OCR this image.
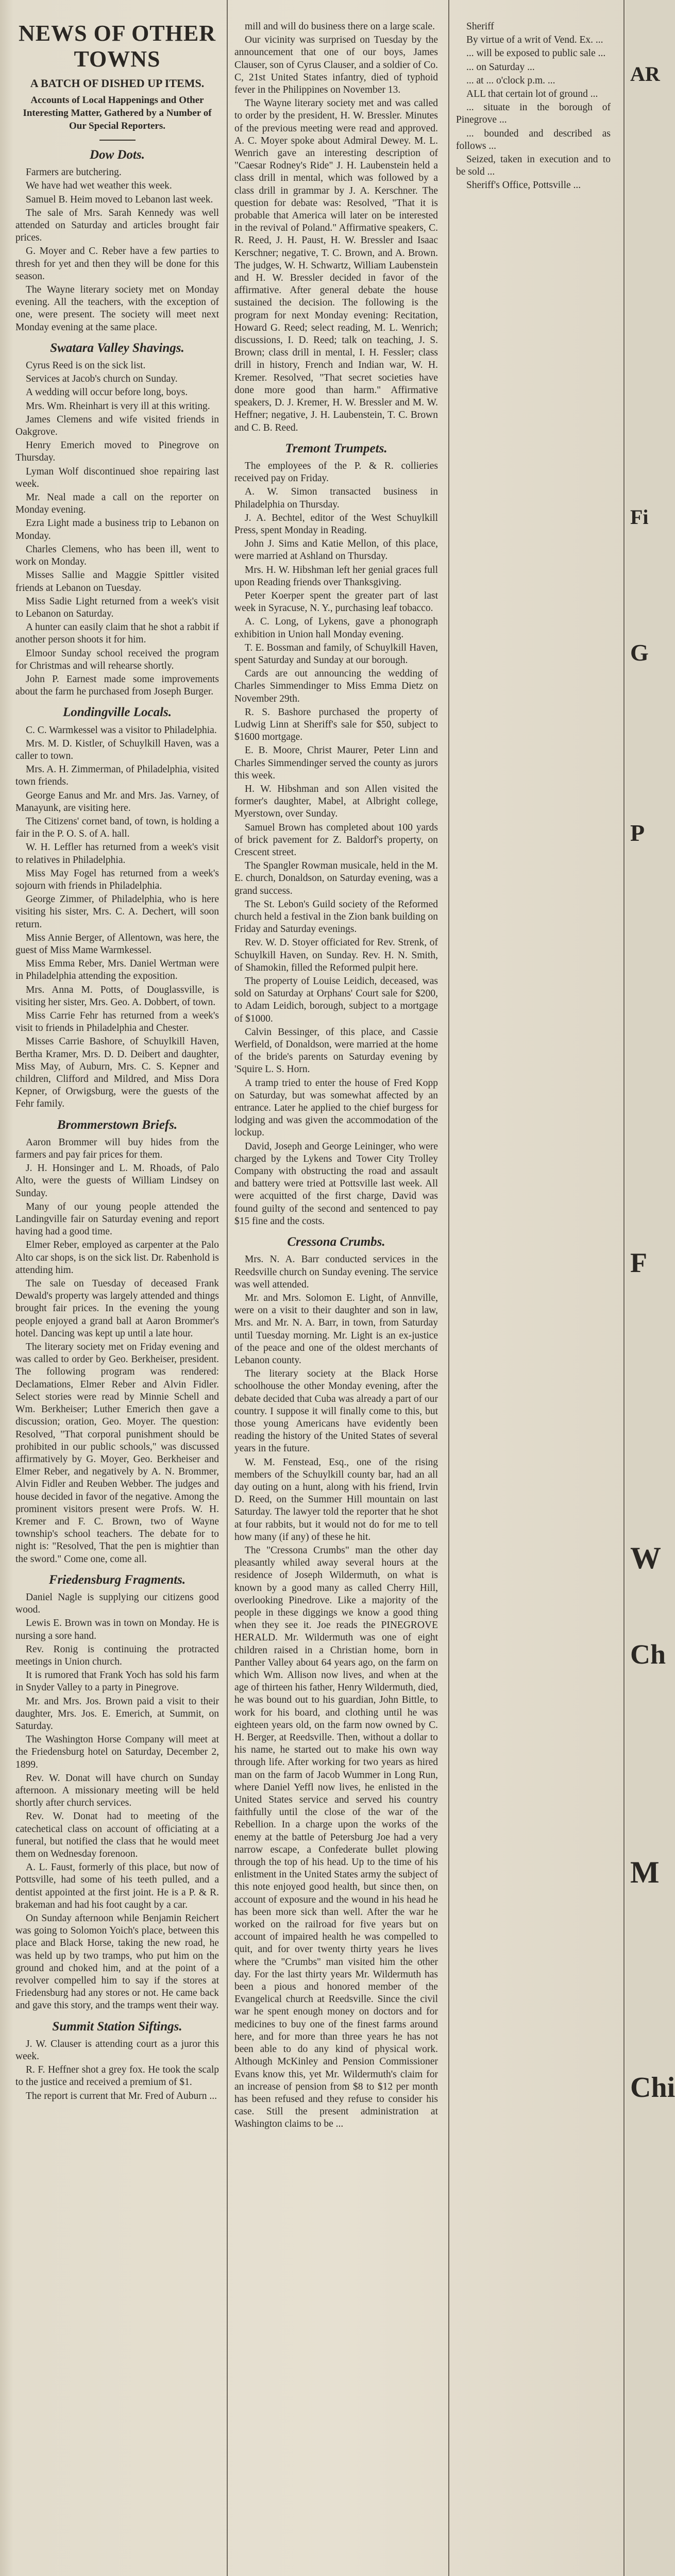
NEWS OF OTHER TOWNS
A BATCH OF DISHED UP ITEMS.
Accounts of Local Happenings and Other Interesting Matter, Gathered by a Number of Our Special Reporters.
Dow Dots.

Farmers are butchering.

We have had wet weather this week.

Samuel B. Heim moved to Lebanon last week.

The sale of Mrs. Sarah Kennedy was well attended on Saturday and articles brought fair prices.

G. Moyer and C. Reber have a few parties to thresh for yet and then they will be done for this season.

The Wayne literary society met on Monday evening. All the teachers, with the exception of one, were present. The society will meet next Monday evening at the same place.

Swatara Valley Shavings.

Cyrus Reed is on the sick list.

Services at Jacob's church on Sunday.

A wedding will occur before long, boys.

Mrs. Wm. Rheinhart is very ill at this writing.

James Clemens and wife visited friends in Oakgrove.

Henry Emerich moved to Pinegrove on Thursday.

Lyman Wolf discontinued shoe repairing last week.

Mr. Neal made a call on the reporter on Monday evening.

Ezra Light made a business trip to Lebanon on Monday.

Charles Clemens, who has been ill, went to work on Monday.

Misses Sallie and Maggie Spittler visited friends at Lebanon on Tuesday.

Miss Sadie Light returned from a week's visit to Lebanon on Saturday.

A hunter can easily claim that he shot a rabbit if another person shoots it for him.

Elmoor Sunday school received the program for Christmas and will rehearse shortly.

John P. Earnest made some improvements about the farm he purchased from Joseph Burger.

Londingville Locals.

C. C. Warmkessel was a visitor to Philadelphia.

Mrs. M. D. Kistler, of Schuylkill Haven, was a caller to town.

Mrs. A. H. Zimmerman, of Philadelphia, visited town friends.

George Eanus and Mr. and Mrs. Jas. Varney, of Manayunk, are visiting here.

The Citizens' cornet band, of town, is holding a fair in the P. O. S. of A. hall.

W. H. Leffler has returned from a week's visit to relatives in Philadelphia.

Miss May Fogel has returned from a week's sojourn with friends in Philadelphia.

George Zimmer, of Philadelphia, who is here visiting his sister, Mrs. C. A. Dechert, will soon return.

Miss Annie Berger, of Allentown, was here, the guest of Miss Mame Warmkessel.

Miss Emma Reber, Mrs. Daniel Wertman were in Philadelphia attending the exposition.

Mrs. Anna M. Potts, of Douglassville, is visiting her sister, Mrs. Geo. A. Dobbert, of town.

Miss Carrie Fehr has returned from a week's visit to friends in Philadelphia and Chester.

Misses Carrie Bashore, of Schuylkill Haven, Bertha Kramer, Mrs. D. D. Deibert and daughter, Miss May, of Auburn, Mrs. C. S. Kepner and children, Clifford and Mildred, and Miss Dora Kepner, of Orwigsburg, were the guests of the Fehr family.

Brommerstown Briefs.

Aaron Brommer will buy hides from the farmers and pay fair prices for them.

J. H. Honsinger and L. M. Rhoads, of Palo Alto, were the guests of William Lindsey on Sunday.

Many of our young people attended the Landingville fair on Saturday evening and report having had a good time.

Elmer Reber, employed as carpenter at the Palo Alto car shops, is on the sick list. Dr. Rabenhold is attending him.

The sale on Tuesday of deceased Frank Dewald's property was largely attended and things brought fair prices. In the evening the young people enjoyed a grand ball at Aaron Brommer's hotel. Dancing was kept up until a late hour.

The literary society met on Friday evening and was called to order by Geo. Berkheiser, president. The following program was rendered: Declamations, Elmer Reber and Alvin Fidler. Select stories were read by Minnie Schell and Wm. Berkheiser; Luther Emerich then gave a discussion; oration, Geo. Moyer. The question: Resolved, "That corporal punishment should be prohibited in our public schools," was discussed affirmatively by G. Moyer, Geo. Berkheiser and Elmer Reber, and negatively by A. N. Brommer, Alvin Fidler and Reuben Webber. The judges and house decided in favor of the negative. Among the prominent visitors present were Profs. W. H. Kremer and F. C. Brown, two of Wayne township's school teachers. The debate for to night is: "Resolved, That the pen is mightier than the sword." Come one, come all.

Friedensburg Fragments.

Daniel Nagle is supplying our citizens good wood.

Lewis E. Brown was in town on Monday. He is nursing a sore hand.

Rev. Ronig is continuing the protracted meetings in Union church.

It is rumored that Frank Yoch has sold his farm in Snyder Valley to a party in Pinegrove.

Mr. and Mrs. Jos. Brown paid a visit to their daughter, Mrs. Jos. E. Emerich, at Summit, on Saturday.

The Washington Horse Company will meet at the Friedensburg hotel on Saturday, December 2, 1899.

Rev. W. Donat will have church on Sunday afternoon. A missionary meeting will be held shortly after church services.

Rev. W. Donat had to meeting of the catechetical class on account of officiating at a funeral, but notified the class that he would meet them on Wednesday forenoon.

A. L. Faust, formerly of this place, but now of Pottsville, had some of his teeth pulled, and a dentist appointed at the first joint. He is a P. & R. brakeman and had his foot caught by a car.

On Sunday afternoon while Benjamin Reichert was going to Solomon Yoich's place, between this place and Black Horse, taking the new road, he was held up by two tramps, who put him on the ground and choked him, and at the point of a revolver compelled him to say if the stores at Friedensburg had any stores or not. He came back and gave this story, and the tramps went their way.

Summit Station Siftings.

J. W. Clauser is attending court as a juror this week.

R. F. Heffner shot a grey fox. He took the scalp to the justice and received a premium of $1.

The report is current that Mr. Fred of Auburn ...

mill and will do business there on a large scale.

Our vicinity was surprised on Tuesday by the announcement that one of our boys, James Clauser, son of Cyrus Clauser, and a soldier of Co. C, 21st United States infantry, died of typhoid fever in the Philippines on November 13.

The Wayne literary society met and was called to order by the president, H. W. Bressler. Minutes of the previous meeting were read and approved. A. C. Moyer spoke about Admiral Dewey. M. L. Wenrich gave an interesting description of "Caesar Rodney's Ride" J. H. Laubenstein held a class drill in mental, which was followed by a class drill in grammar by J. A. Kerschner. The question for debate was: Resolved, "That it is probable that America will later on be interested in the revival of Poland." Affirmative speakers, C. R. Reed, J. H. Paust, H. W. Bressler and Isaac Kerschner; negative, T. C. Brown, and A. Brown. The judges, W. H. Schwartz, William Laubenstein and H. W. Bressler decided in favor of the affirmative. After general debate the house sustained the decision. The following is the program for next Monday evening: Recitation, Howard G. Reed; select reading, M. L. Wenrich; discussions, I. D. Reed; talk on teaching, J. S. Brown; class drill in mental, I. H. Fessler; class drill in history, French and Indian war, W. H. Kremer. Resolved, "That secret societies have done more good than harm." Affirmative speakers, D. J. Kremer, H. W. Bressler and M. W. Heffner; negative, J. H. Laubenstein, T. C. Brown and C. B. Reed.

Tremont Trumpets.

The employees of the P. & R. collieries received pay on Friday.

A. W. Simon transacted business in Philadelphia on Thursday.

J. A. Bechtel, editor of the West Schuylkill Press, spent Monday in Reading.

John J. Sims and Katie Mellon, of this place, were married at Ashland on Thursday.

Mrs. H. W. Hibshman left her genial graces full upon Reading friends over Thanksgiving.

Peter Koerper spent the greater part of last week in Syracuse, N. Y., purchasing leaf tobacco.

A. C. Long, of Lykens, gave a phonograph exhibition in Union hall Monday evening.

T. E. Bossman and family, of Schuylkill Haven, spent Saturday and Sunday at our borough.

Cards are out announcing the wedding of Charles Simmendinger to Miss Emma Dietz on November 29th.

R. S. Bashore purchased the property of Ludwig Linn at Sheriff's sale for $50, subject to $1600 mortgage.

E. B. Moore, Christ Maurer, Peter Linn and Charles Simmendinger served the county as jurors this week.

H. W. Hibshman and son Allen visited the former's daughter, Mabel, at Albright college, Myerstown, over Sunday.

Samuel Brown has completed about 100 yards of brick pavement for Z. Baldorf's property, on Crescent street.

The Spangler Rowman musicale, held in the M. E. church, Donaldson, on Saturday evening, was a grand success.

The St. Lebon's Guild society of the Reformed church held a festival in the Zion bank building on Friday and Saturday evenings.

Rev. W. D. Stoyer officiated for Rev. Strenk, of Schuylkill Haven, on Sunday. Rev. H. N. Smith, of Shamokin, filled the Reformed pulpit here.

The property of Louise Leidich, deceased, was sold on Saturday at Orphans' Court sale for $200, to Adam Leidich, borough, subject to a mortgage of $1000.

Calvin Bessinger, of this place, and Cassie Werfield, of Donaldson, were married at the home of the bride's parents on Saturday evening by 'Squire L. S. Horn.

A tramp tried to enter the house of Fred Kopp on Saturday, but was somewhat affected by an entrance. Later he applied to the chief burgess for lodging and was given the accommodation of the lockup.

David, Joseph and George Leininger, who were charged by the Lykens and Tower City Trolley Company with obstructing the road and assault and battery were tried at Pottsville last week. All were acquitted of the first charge, David was found guilty of the second and sentenced to pay $15 fine and the costs.

Cressona Crumbs.

Mrs. N. A. Barr conducted services in the Reedsville church on Sunday evening. The service was well attended.

Mr. and Mrs. Solomon E. Light, of Annville, were on a visit to their daughter and son in law, Mrs. and Mr. N. A. Barr, in town, from Saturday until Tuesday morning. Mr. Light is an ex-justice of the peace and one of the oldest merchants of Lebanon county.

The literary society at the Black Horse schoolhouse the other Monday evening, after the debate decided that Cuba was already a part of our country. I suppose it will finally come to this, but those young Americans have evidently been reading the history of the United States of several years in the future.

W. M. Fenstead, Esq., one of the rising members of the Schuylkill county bar, had an all day outing on a hunt, along with his friend, Irvin D. Reed, on the Summer Hill mountain on last Saturday. The lawyer told the reporter that he shot at four rabbits, but it would not do for me to tell how many (if any) of these he hit.

The "Cressona Crumbs" man the other day pleasantly whiled away several hours at the residence of Joseph Wildermuth, on what is known by a good many as called Cherry Hill, overlooking Pinedrove. Like a majority of the people in these diggings we know a good thing when they see it. Joe reads the PINEGROVE HERALD. Mr. Wildermuth was one of eight children raised in a Christian home, born in Panther Valley about 64 years ago, on the farm on which Wm. Allison now lives, and when at the age of thirteen his father, Henry Wildermuth, died, he was bound out to his guardian, John Bittle, to work for his board, and clothing until he was eighteen years old, on the farm now owned by C. H. Berger, at Reedsville. Then, without a dollar to his name, he started out to make his own way through life. After working for two years as hired man on the farm of Jacob Wummer in Long Run, where Daniel Yeffl now lives, he enlisted in the United States service and served his country faithfully until the close of the war of the Rebellion. In a charge upon the works of the enemy at the battle of Petersburg Joe had a very narrow escape, a Confederate bullet plowing through the top of his head. Up to the time of his enlistment in the United States army the subject of this note enjoyed good health, but since then, on account of exposure and the wound in his head he has been more sick than well. After the war he worked on the railroad for five years but on account of impaired health he was compelled to quit, and for over twenty thirty years he lives where the "Crumbs" man visited him the other day. For the last thirty years Mr. Wildermuth has been a pious and honored member of the Evangelical church at Reedsville. Since the civil war he spent enough money on doctors and for medicines to buy one of the finest farms around here, and for more than three years he has not been able to do any kind of physical work. Although McKinley and Pension Commissioner Evans know this, yet Mr. Wildermuth's claim for an increase of pension from $8 to $12 per month has been refused and they refuse to consider his case. Still the present administration at Washington claims to be ...

Sheriff

By virtue of a writ of Vend. Ex. ...

... will be exposed to public sale ...

... on Saturday ...

... at ... o'clock p.m. ...

ALL that certain lot of ground ...

... situate in the borough of Pinegrove ...

... bounded and described as follows ...

Seized, taken in execution and to be sold ...

Sheriff's Office, Pottsville ...

AR
Fi
G
P
F
W
Ch
M
Chi
